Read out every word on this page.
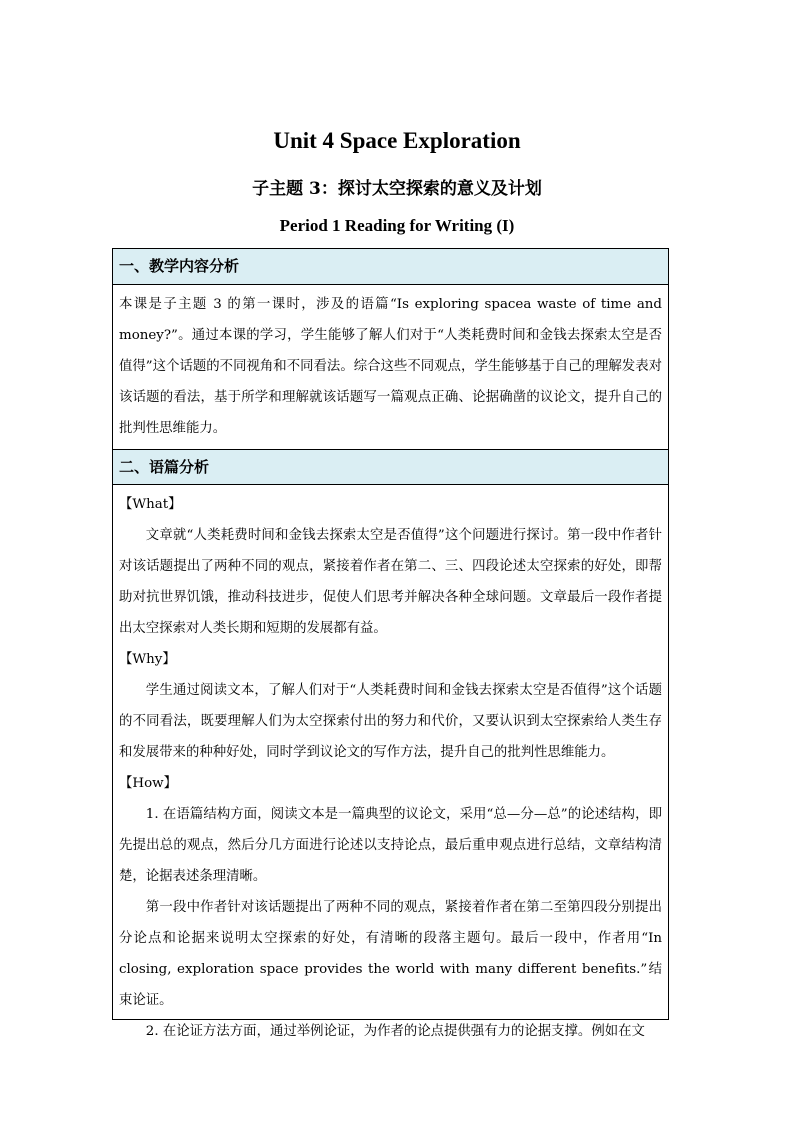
Unit 4 Space Exploration
子主题 3：探讨太空探索的意义及计划
Period 1 Reading for Writing (I)
一、教学内容分析

本课是子主题 3 的第一课时，涉及的语篇“Is exploring spacea waste of time and money?”。通过本课的学习，学生能够了解人们对于“人类耗费时间和金钱去探索太空是否值得”这个话题的不同视角和不同看法。综合这些不同观点，学生能够基于自己的理解发表对该话题的看法，基于所学和理解就该话题写一篇观点正确、论据确凿的议论文，提升自己的批判性思维能力。

二、语篇分析

【What】

文章就“人类耗费时间和金钱去探索太空是否值得”这个问题进行探讨。第一段中作者针对该话题提出了两种不同的观点，紧接着作者在第二、三、四段论述太空探索的好处，即帮助对抗世界饥饿，推动科技进步，促使人们思考并解决各种全球问题。文章最后一段作者提出太空探索对人类长期和短期的发展都有益。

【Why】

学生通过阅读文本，了解人们对于“人类耗费时间和金钱去探索太空是否值得”这个话题的不同看法，既要理解人们为太空探索付出的努力和代价，又要认识到太空探索给人类生存和发展带来的种种好处，同时学到议论文的写作方法，提升自己的批判性思维能力。

【How】

1. 在语篇结构方面，阅读文本是一篇典型的议论文，采用“总—分—总”的论述结构，即先提出总的观点，然后分几方面进行论述以支持论点，最后重申观点进行总结，文章结构清楚，论据表述条理清晰。

第一段中作者针对该话题提出了两种不同的观点，紧接着作者在第二至第四段分别提出分论点和论据来说明太空探索的好处，有清晰的段落主题句。最后一段中，作者用“In closing, exploration space provides the world with many different benefits.”结束论证。

2. 在论证方法方面，通过举例论证，为作者的论点提供强有力的论据支撑。例如在文
